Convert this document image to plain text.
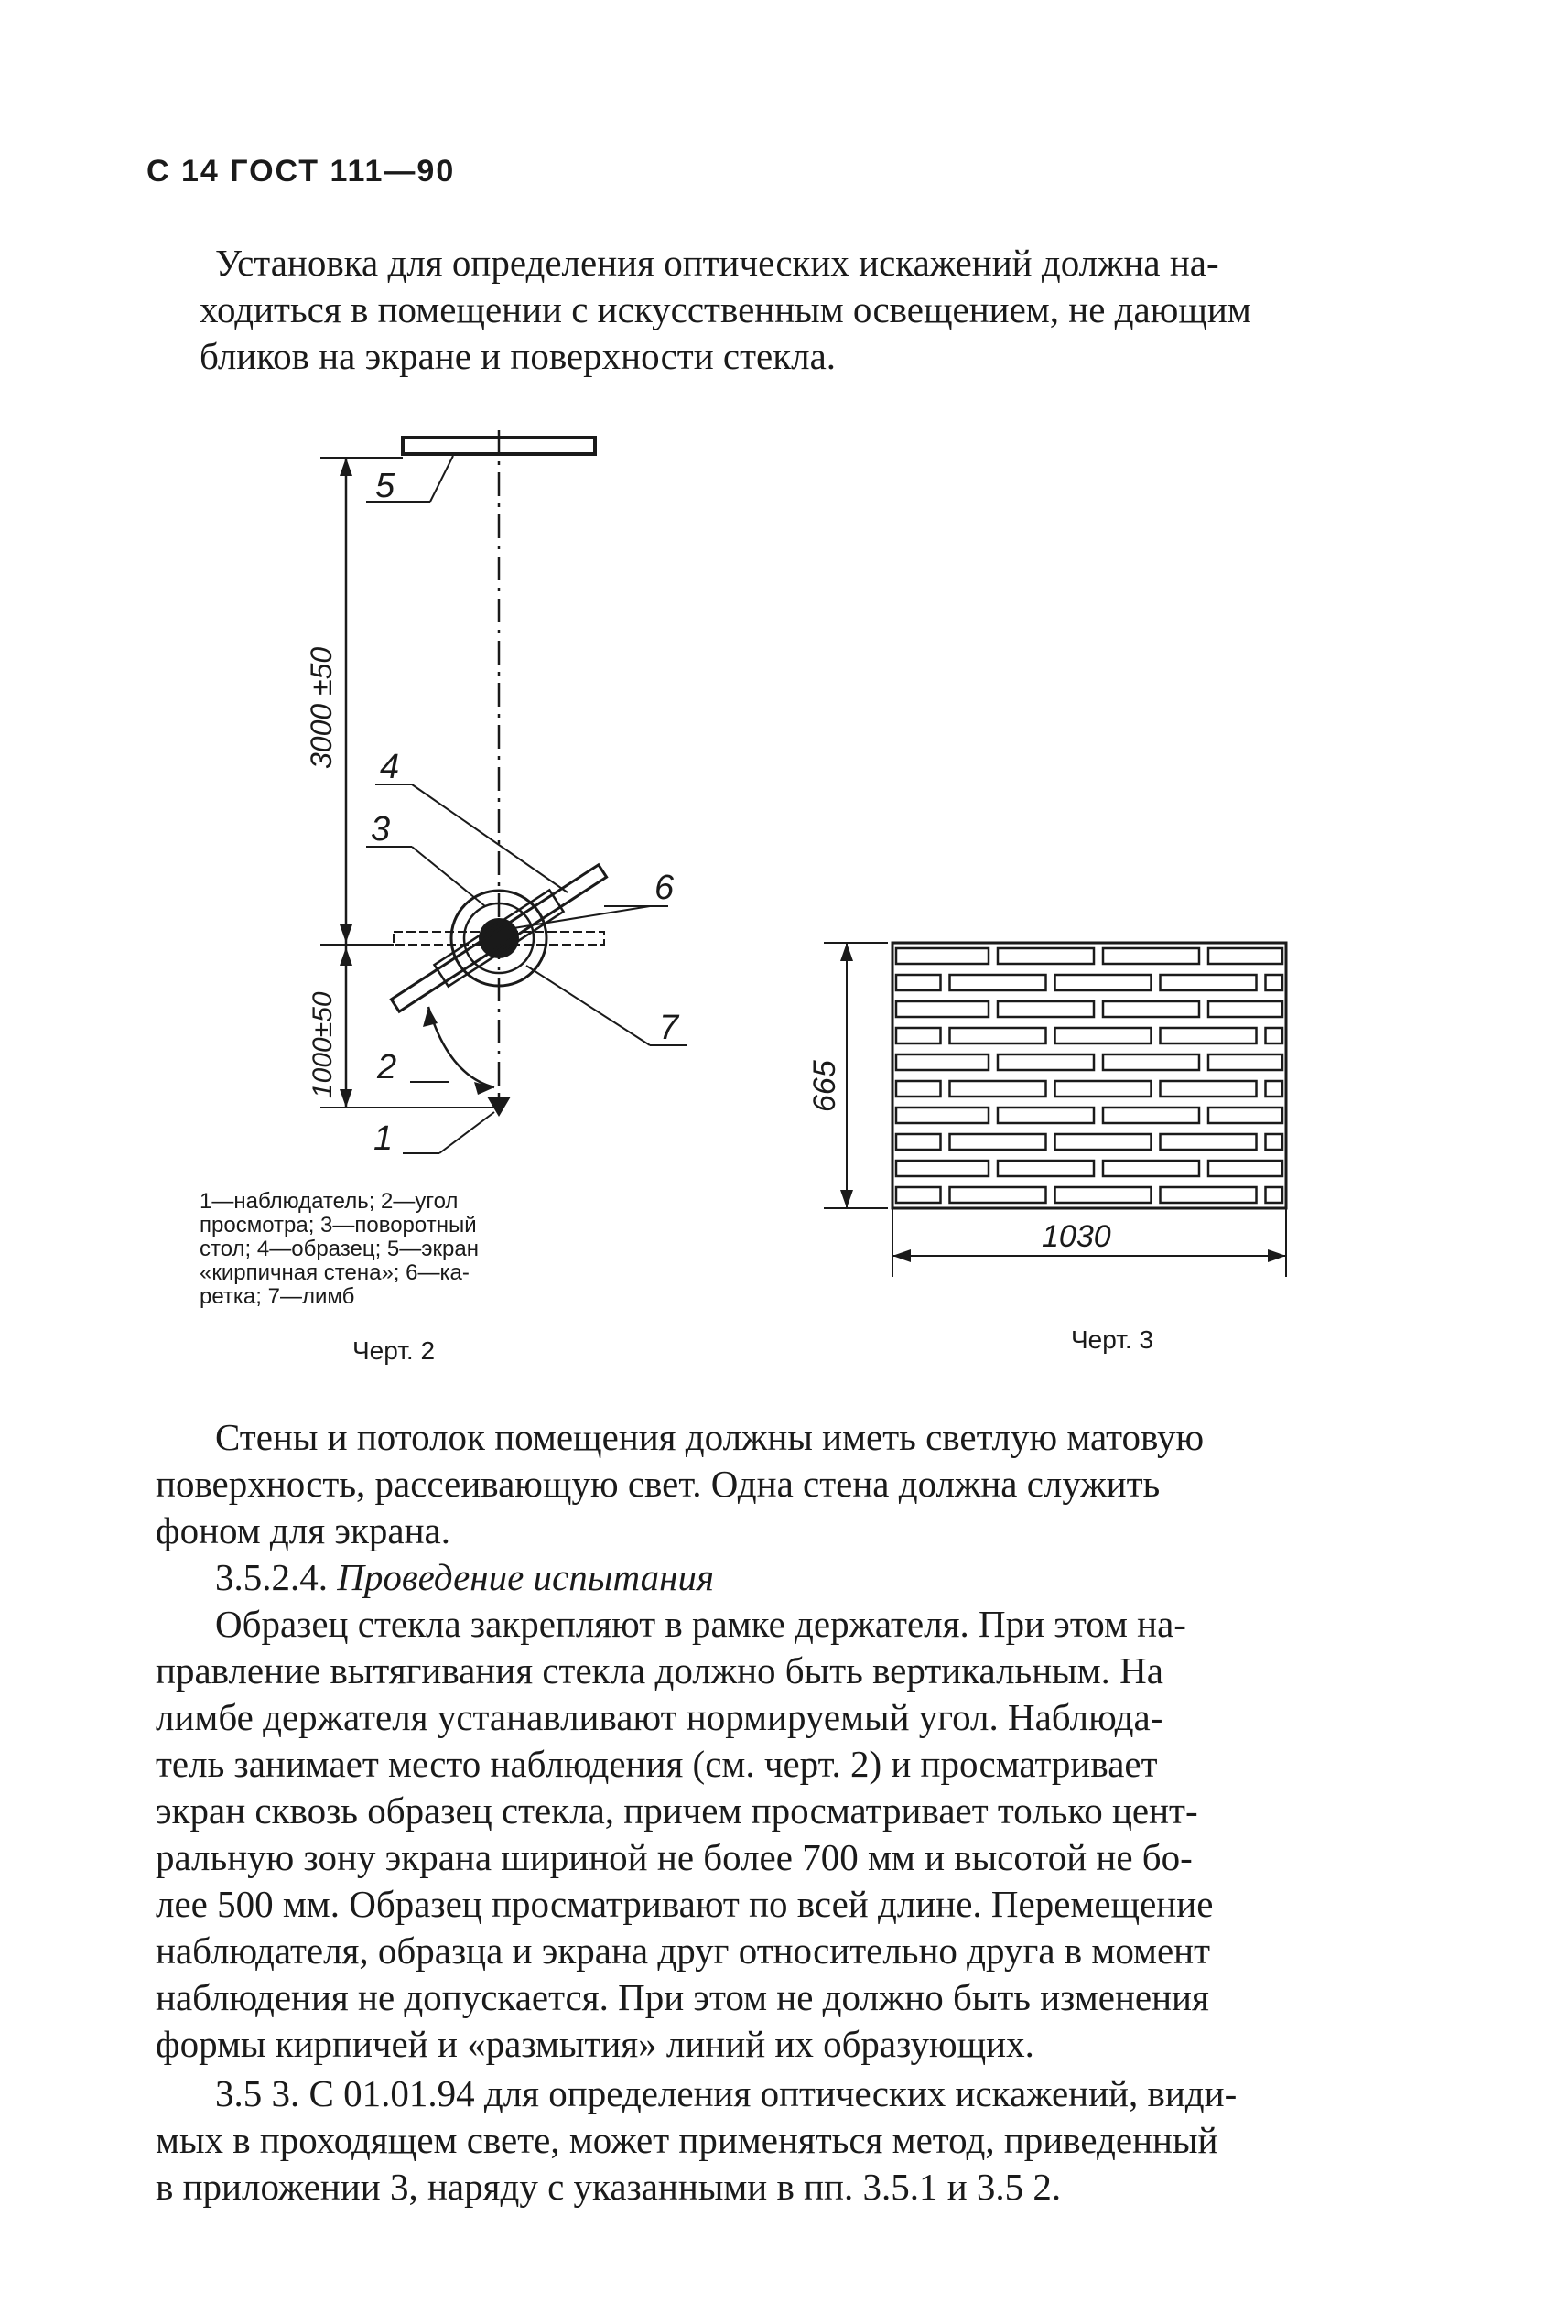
С 14 ГОСТ 111—90
Установка для определения оптических искажений должна на-
ходиться в помещении с искусственным освещением, не дающим
бликов на экране и поверхности стекла.
5
4
3
6
7
2
1
3000 ±50
1000±50
1—наблюдатель; 2—угол
просмотра; 3—поворотный
стол; 4—образец; 5—экран
«кирпичная стена»; 6—ка-
ретка; 7—лимб
Черт. 2
665
1030
Черт. 3
Стены и потолок помещения должны иметь светлую матовую
поверхность, рассеивающую свет. Одна стена должна служить
фоном для экрана.
3.5.2.4. Проведение испытания
Образец стекла закрепляют в рамке держателя. При этом на-
правление вытягивания стекла должно быть вертикальным. На
лимбе держателя устанавливают нормируемый угол. Наблюда-
тель занимает место наблюдения (см. черт. 2) и просматривает
экран сквозь образец стекла, причем просматривает только цент-
ральную зону экрана шириной не более 700 мм и высотой не бо-
лее 500 мм. Образец просматривают по всей длине. Перемещение
наблюдателя, образца и экрана друг относительно друга в момент
наблюдения не допускается. При этом не должно быть изменения
формы кирпичей и «размытия» линий их образующих.
3.5 3. С 01.01.94 для определения оптических искажений, види-
мых в проходящем свете, может применяться метод, приведенный
в приложении 3, наряду с указанными в пп. 3.5.1 и 3.5 2.
